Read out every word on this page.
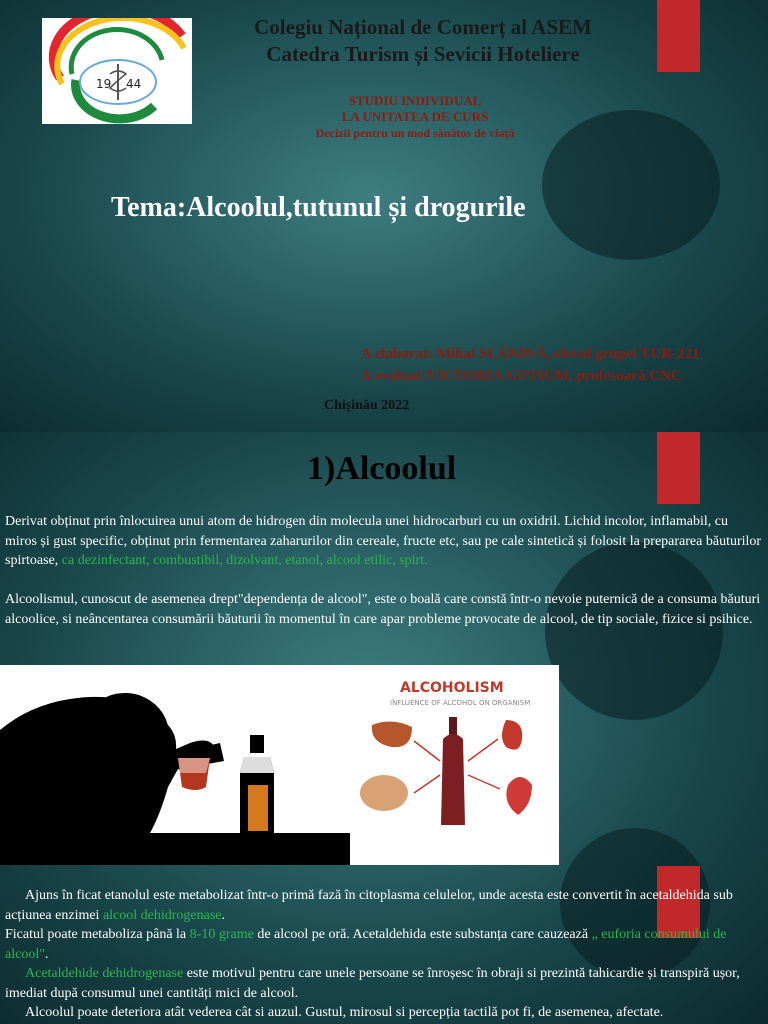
19 44
Colegiu Național de Comerț al ASEM
Catedra Turism și Sevicii Hoteliere
STUDIU INDIVIDUAL
LA UNITATEA DE CURS
Decizii pentru un mod sănătos de viață
Tema:Alcoolul,tutunul și drogurile
A elaborat: Mihai SLĂNINĂ, elevul grupei TUR-221
A evaluat:VICTORIA GUTIUM, profesoară CNC
Chișinău 2022
1)Alcoolul
Derivat obținut prin înlocuirea unui atom de hidrogen din molecula unei hidrocarburi cu un oxidril. Lichid incolor, inflamabil, cu miros și gust specific, obținut prin fermentarea zaharurilor din cereale, fructe etc, sau pe cale sintetică și folosit la prepararea băuturilor spirtoase, ca dezinfectant, combustibil, dizolvant, etanol, alcool etilic, spirt.
Alcoolismul, cunoscut de asemenea drept"dependența de alcool", este o boală care constă într-o nevoie puternică de a consuma băuturi alcoolice, si neâncentarea consumării băuturii în momentul în care apar probleme provocate de alcool, de tip sociale, fizice si psihice.
ALCOHOLISM
INFLUENCE OF ALCOHOL ON ORGANISM
Ajuns în ficat etanolul este metabolizat într-o primă fază în citoplasma celulelor, unde acesta este convertit în acetaldehida sub acțiunea enzimei alcool dehidrogenase.
Ficatul poate metaboliza până la 8-10 grame de alcool pe oră. Acetaldehida este substanța care cauzează „ euforia consumului de alcool".
Acetaldehide dehidrogenase este motivul pentru care unele persoane se înroșesc în obraji si prezintă tahicardie și transpiră ușor, imediat după consumul unei cantități mici de alcool.
Alcoolul poate deteriora atât vederea cât si auzul. Gustul, mirosul si percepția tactilă pot fi, de asemenea, afectate.
